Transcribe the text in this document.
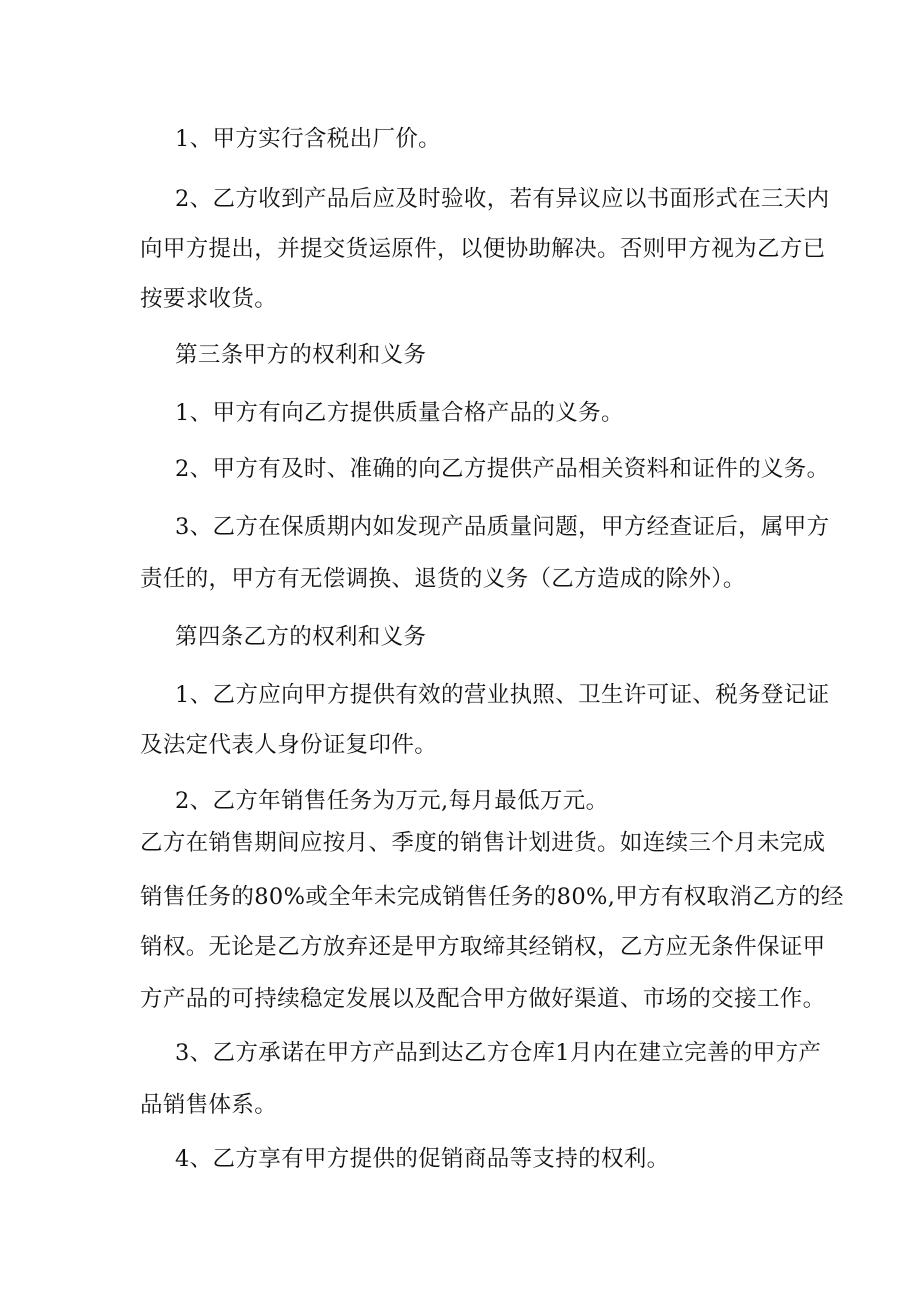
1、甲方实行含税出厂价。
2、乙方收到产品后应及时验收，若有异议应以书面形式在三天内
向甲方提出，并提交货运原件，以便协助解决。否则甲方视为乙方已
按要求收货。
第三条甲方的权利和义务
1、甲方有向乙方提供质量合格产品的义务。
2、甲方有及时、准确的向乙方提供产品相关资料和证件的义务。
3、乙方在保质期内如发现产品质量问题，甲方经查证后，属甲方
责任的，甲方有无偿调换、退货的义务（乙方造成的除外）。
第四条乙方的权利和义务
1、乙方应向甲方提供有效的营业执照、卫生许可证、税务登记证
及法定代表人身份证复印件。
2、乙方年销售任务为万元,每月最低万元。
乙方在销售期间应按月、季度的销售计划进货。如连续三个月未完成
销售任务的80%或全年未完成销售任务的80%,甲方有权取消乙方的经
销权。无论是乙方放弃还是甲方取缔其经销权，乙方应无条件保证甲
方产品的可持续稳定发展以及配合甲方做好渠道、市场的交接工作。
3、乙方承诺在甲方产品到达乙方仓库1月内在建立完善的甲方产
品销售体系。
4、乙方享有甲方提供的促销商品等支持的权利。
